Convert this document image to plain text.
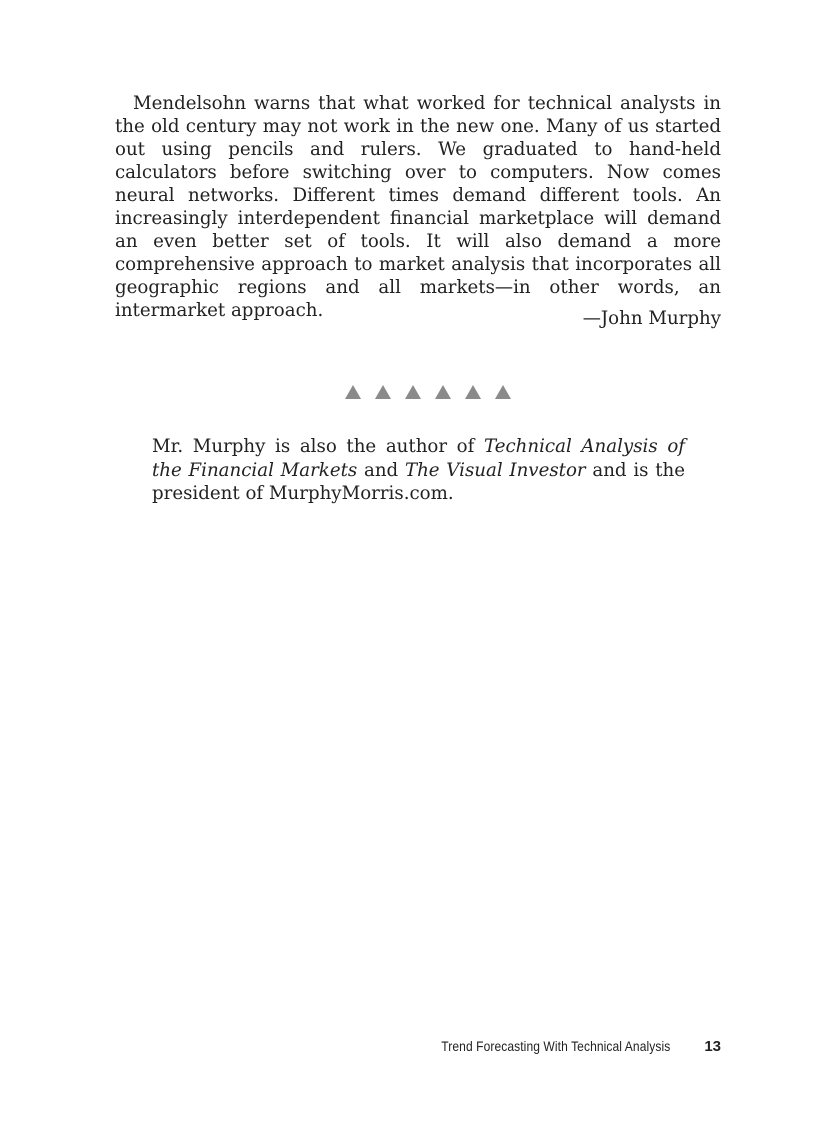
Mendelsohn warns that what worked for technical analysts in the old century may not work in the new one. Many of us started out using pencils and rulers. We graduated to hand-held calculators before switching over to computers. Now comes neural networks. Different times demand different tools. An increasingly interdependent financial marketplace will demand an even better set of tools. It will also demand a more comprehensive approach to market analysis that incorporates all geographic regions and all markets—in other words, an intermarket approach.	—John Murphy

Mr. Murphy is also the author of Technical Analysis of the Financial Markets and The Visual Investor and is the president of MurphyMorris.com.

Trend Forecasting With Technical Analysis 13
